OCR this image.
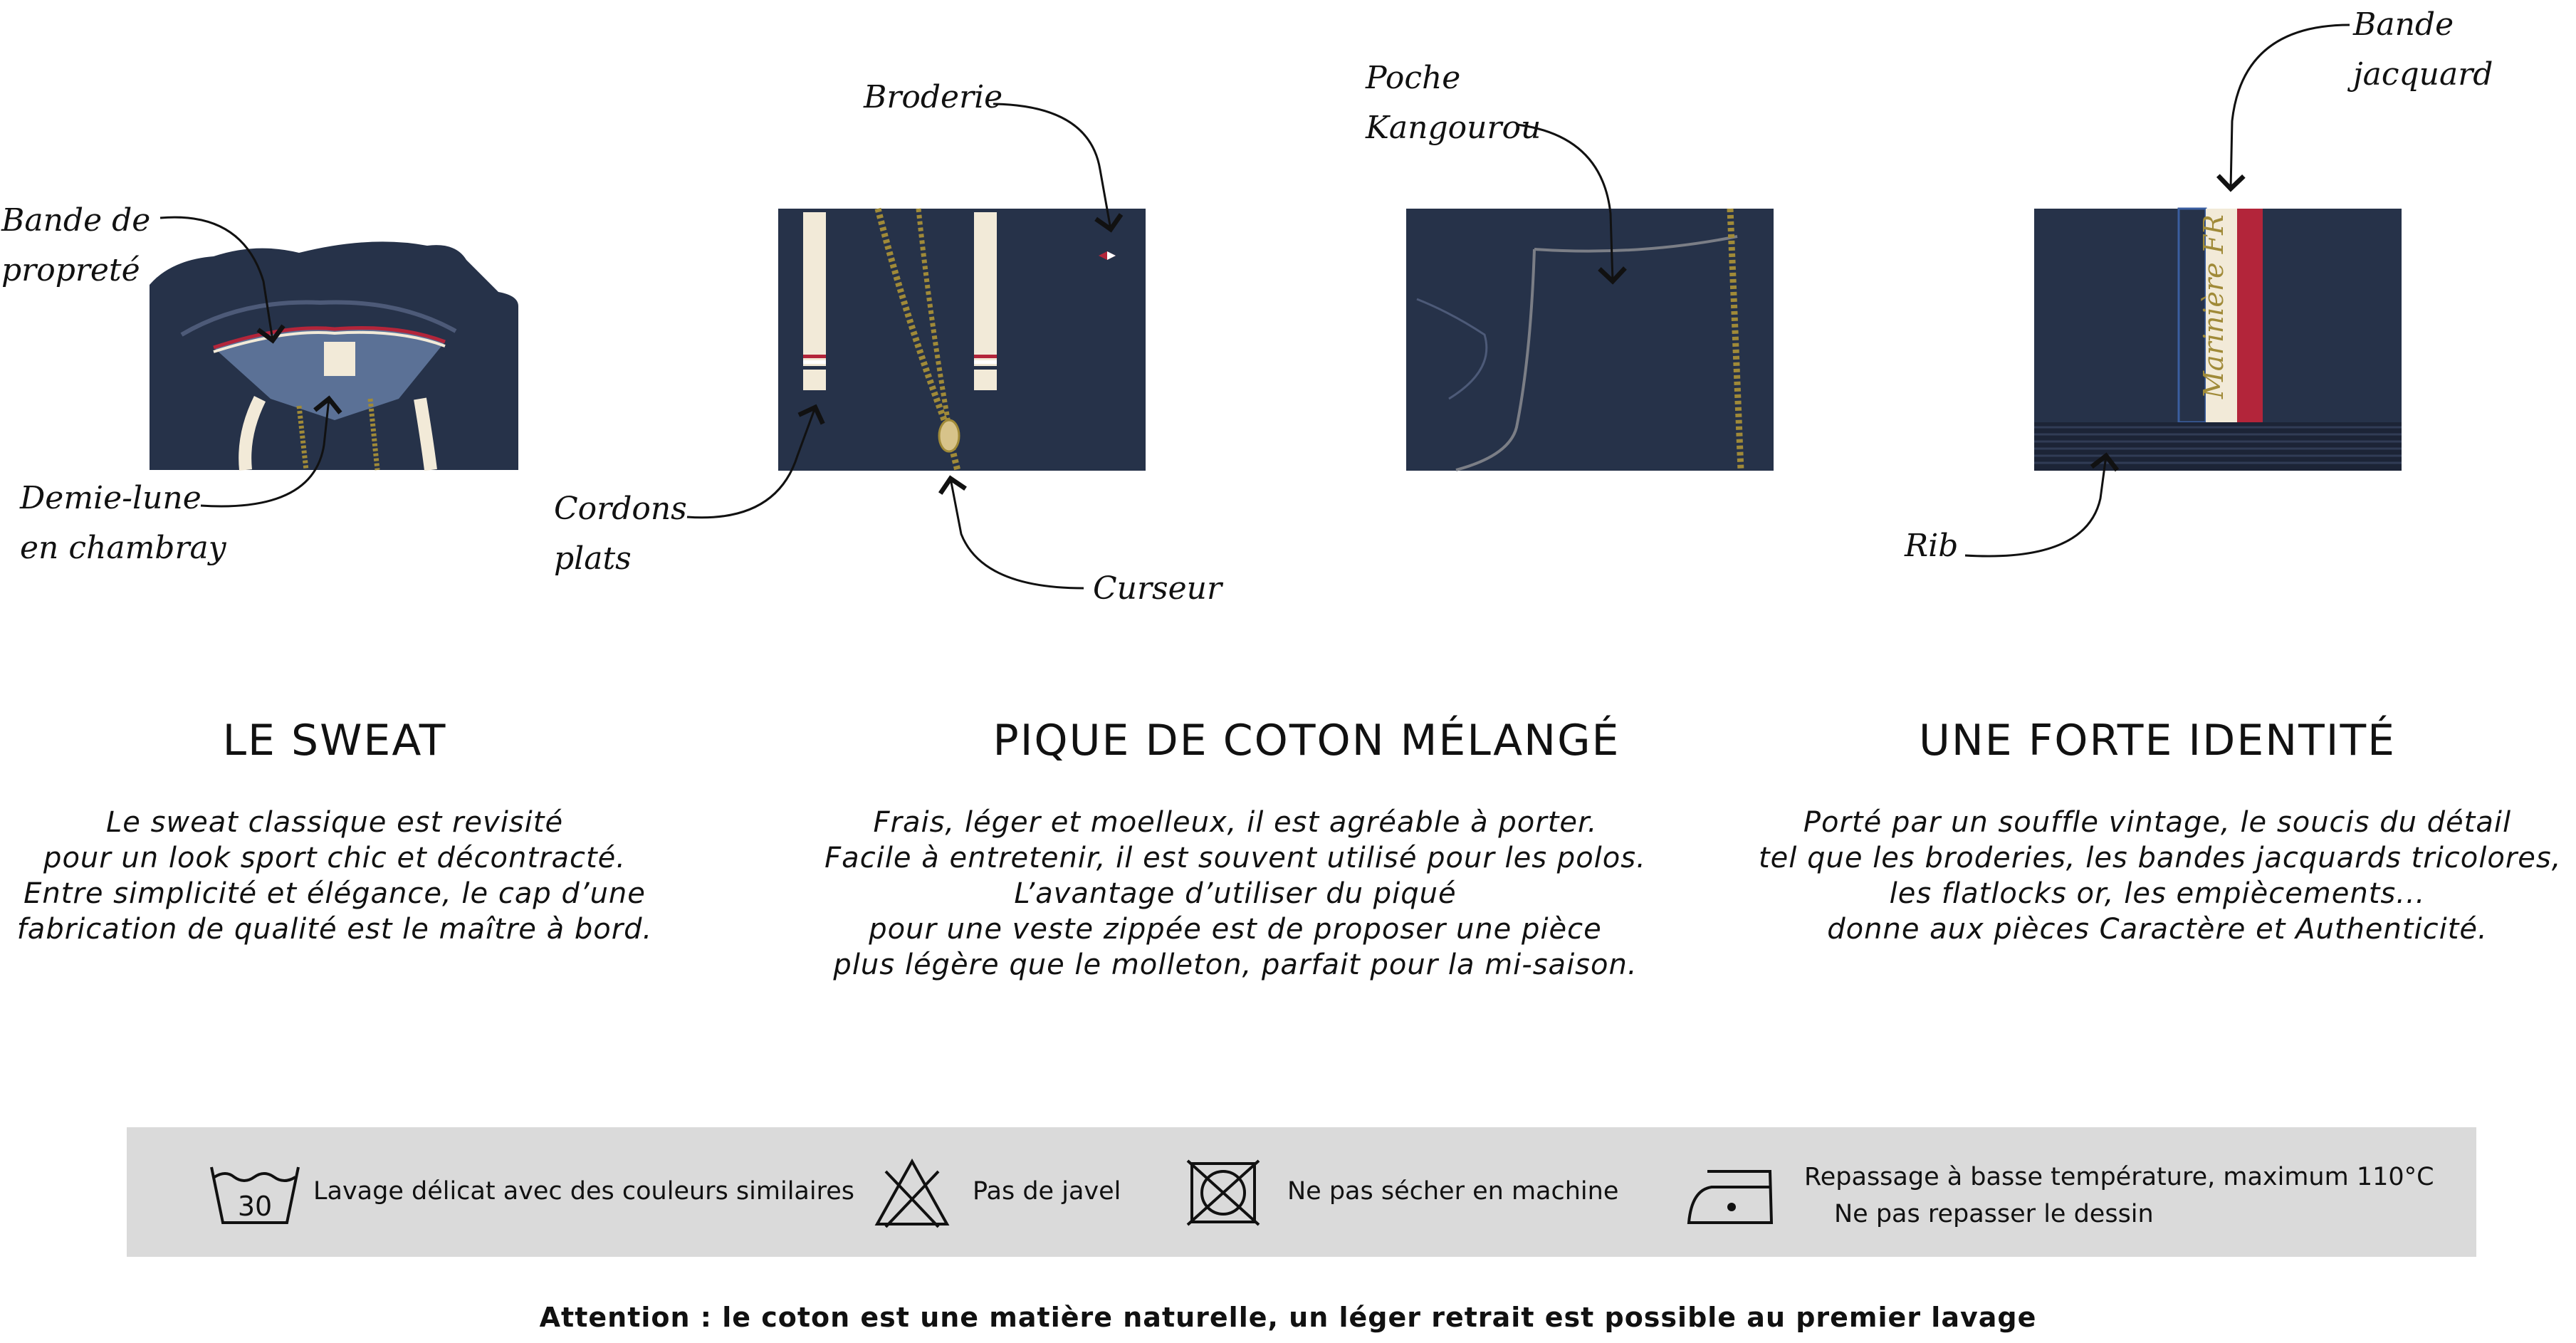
Marinière FR
Bande de
propreté
Demie-lune
en chambray
Broderie
Cordons
plats
Curseur
Poche
Kangourou
Bande jacquard
Rib
LE SWEAT
Le sweat classique est revisité
pour un look sport chic et décontracté.
Entre simplicité et élégance, le cap d’une
fabrication de qualité est le maître à bord.
PIQUE DE COTON MÉLANGÉ
Frais, léger et moelleux, il est agréable à porter.
Facile à entretenir, il est souvent utilisé pour les polos.
L’avantage d’utiliser du piqué
pour une veste zippée est de proposer une pièce
plus légère que le molleton, parfait pour la mi-saison.
UNE FORTE IDENTITÉ
Porté par un souffle vintage, le soucis du détail
tel que les broderies, les bandes jacquards tricolores,
les flatlocks or, les empiècements...
donne aux pièces Caractère et Authenticité.
30 Lavage délicat avec des couleurs similaires	Pas de javel	Ne pas sécher en machine	Repassage à basse température, maximum 110°C
Ne pas repasser le dessin
Attention : le coton est une matière naturelle, un léger retrait est possible au premier lavage
